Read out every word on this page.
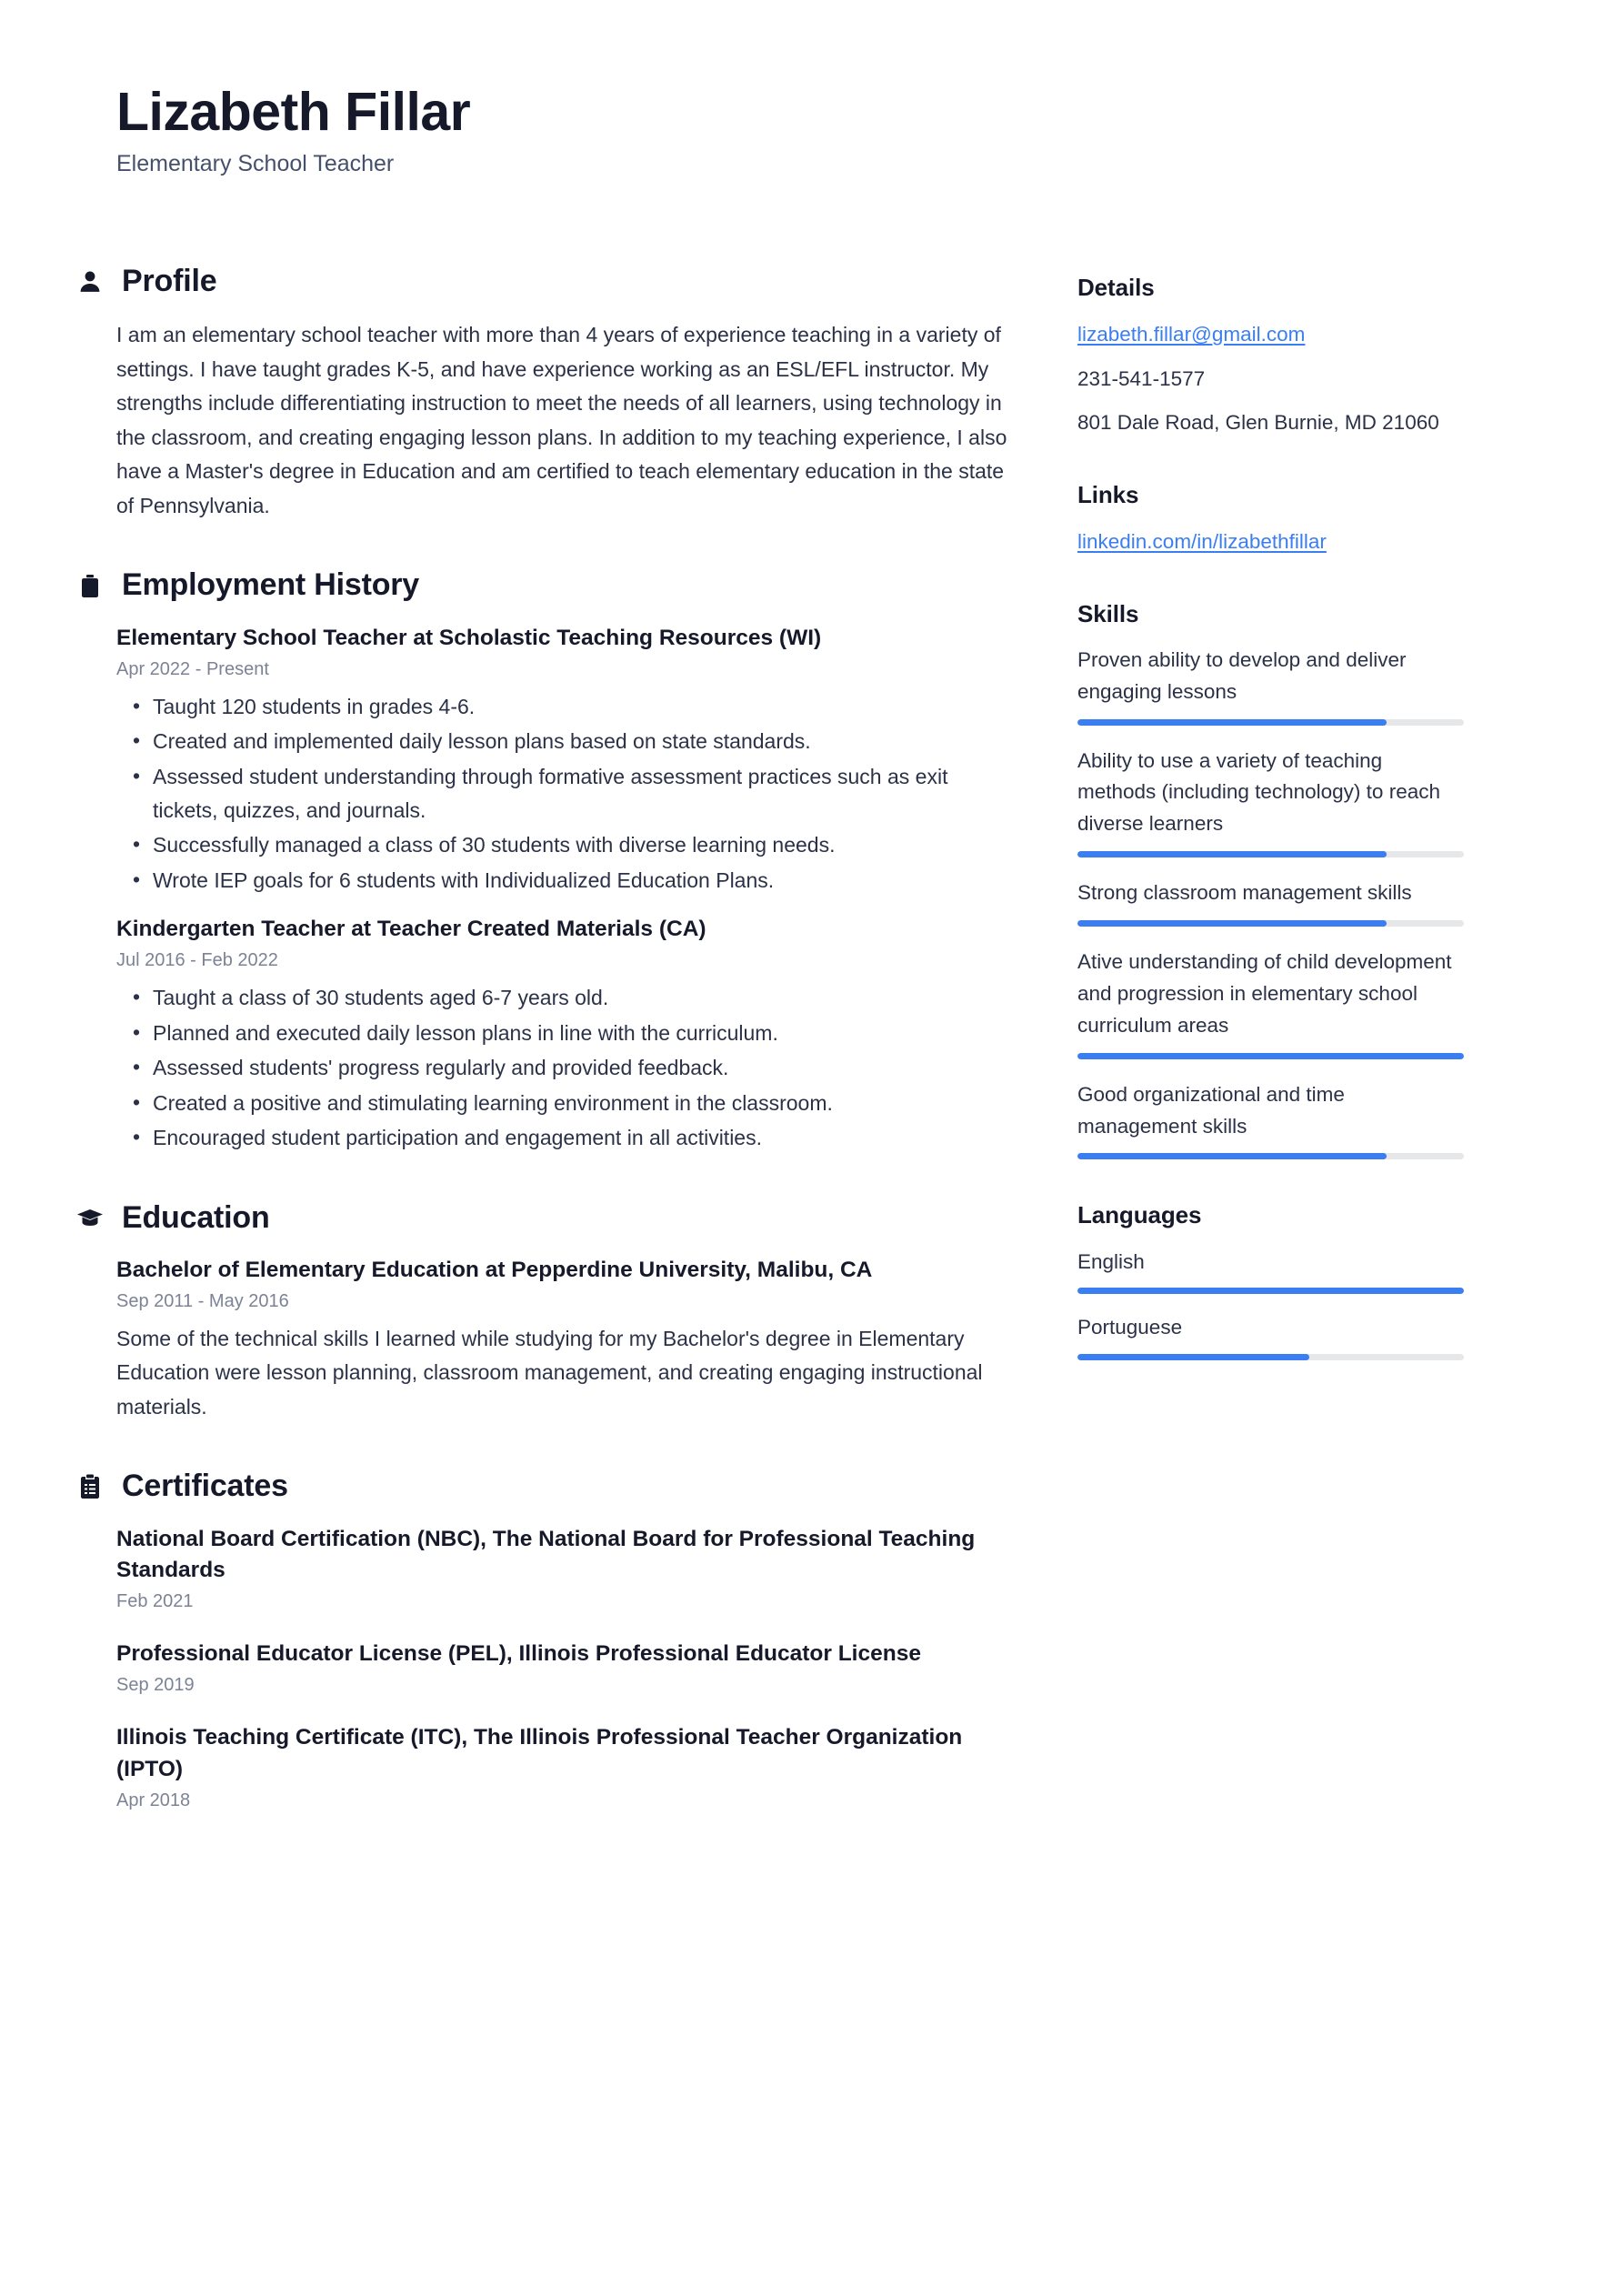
Lizabeth Fillar
Elementary School Teacher
Profile
I am an elementary school teacher with more than 4 years of experience teaching in a variety of settings. I have taught grades K-5, and have experience working as an ESL/EFL instructor. My strengths include differentiating instruction to meet the needs of all learners, using technology in the classroom, and creating engaging lesson plans. In addition to my teaching experience, I also have a Master's degree in Education and am certified to teach elementary education in the state of Pennsylvania.
Employment History
Elementary School Teacher at Scholastic Teaching Resources (WI)
Apr 2022 - Present
• Taught 120 students in grades 4-6.
• Created and implemented daily lesson plans based on state standards.
• Assessed student understanding through formative assessment practices such as exit tickets, quizzes, and journals.
• Successfully managed a class of 30 students with diverse learning needs.
• Wrote IEP goals for 6 students with Individualized Education Plans.
Kindergarten Teacher at Teacher Created Materials (CA)
Jul 2016 - Feb 2022
• Taught a class of 30 students aged 6-7 years old.
• Planned and executed daily lesson plans in line with the curriculum.
• Assessed students' progress regularly and provided feedback.
• Created a positive and stimulating learning environment in the classroom.
• Encouraged student participation and engagement in all activities.
Education
Bachelor of Elementary Education at Pepperdine University, Malibu, CA
Sep 2011 - May 2016
Some of the technical skills I learned while studying for my Bachelor's degree in Elementary Education were lesson planning, classroom management, and creating engaging instructional materials.
Certificates
National Board Certification (NBC), The National Board for Professional Teaching Standards
Feb 2021
Professional Educator License (PEL), Illinois Professional Educator License
Sep 2019
Illinois Teaching Certificate (ITC), The Illinois Professional Teacher Organization (IPTO)
Apr 2018
Details
lizabeth.fillar@gmail.com
231-541-1577
801 Dale Road, Glen Burnie, MD 21060
Links
linkedin.com/in/lizabethfillar
Skills
Proven ability to develop and deliver engaging lessons
Ability to use a variety of teaching methods (including technology) to reach diverse learners
Strong classroom management skills
Ative understanding of child development and progression in elementary school curriculum areas
Good organizational and time management skills
Languages
English
Portuguese
